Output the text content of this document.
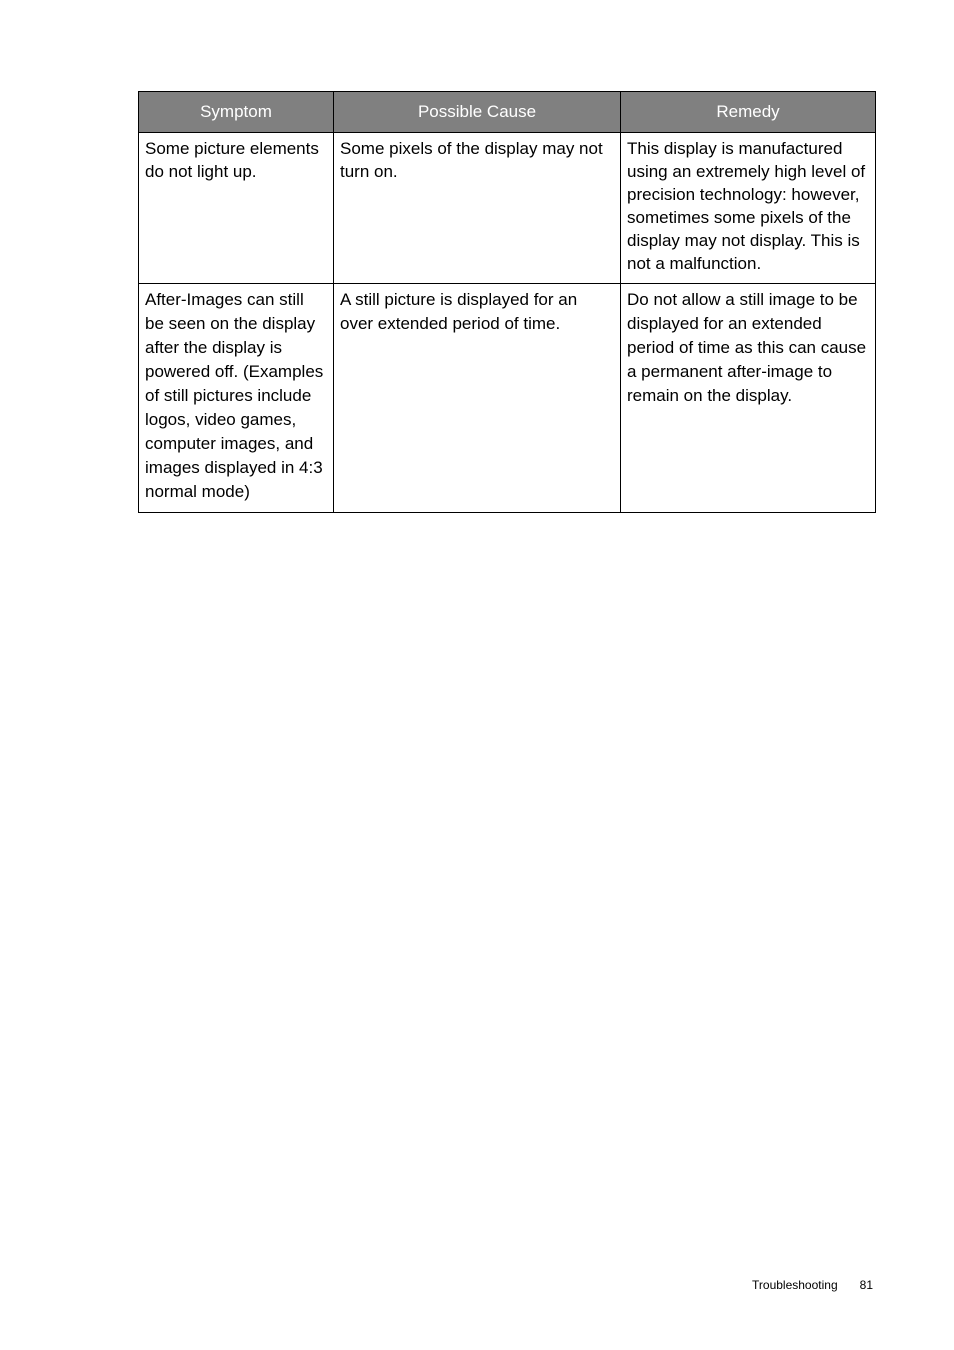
Symptom	Possible Cause	Remedy
Some picture elements do not light up.	Some pixels of the display may not turn on.	This display is manufactured using an extremely high level of precision technology: however, sometimes some pixels of the display may not display. This is not a malfunction.
After-Images can still be seen on the display after the display is powered off. (Examples of still pictures include logos, video games, computer images, and images displayed in 4:3 normal mode)	A still picture is displayed for an over extended period of time.	Do not allow a still image to be displayed for an extended period of time as this can cause a permanent after-image to remain on the display.
Troubleshooting 81
